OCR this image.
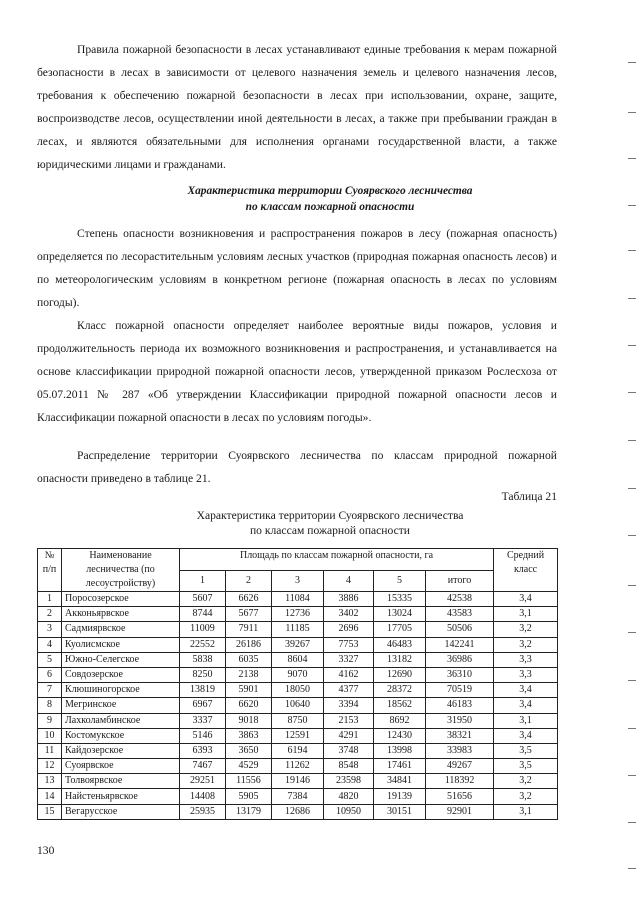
Правила пожарной безопасности в лесах устанавливают единые требования к мерам пожарной безопасности в лесах в зависимости от целевого назначения земель и целевого назначения лесов, требования к обеспечению пожарной безопасности в лесах при использовании, охране, защите, воспроизводстве лесов, осуществлении иной деятельности в лесах, а также при пребывании граждан в лесах, и являются обязательными для исполнения органами государственной власти, а также юридическими лицами и гражданами.

Характеристика территории Суоярвского лесничества
по классам пожарной опасности

Степень опасности возникновения и распространения пожаров в лесу (пожарная опасность) определяется по лесорастительным условиям лесных участков (природная пожарная опасность лесов) и по метеорологическим условиям в конкретном регионе (пожарная опасность в лесах по условиям погоды).

Класс пожарной опасности определяет наиболее вероятные виды пожаров, условия и продолжительность периода их возможного возникновения и распространения, и устанавливается на основе классификации природной пожарной опасности лесов, утвержденной приказом Рослесхоза от 05.07.2011 № 287 «Об утверждении Классификации природной пожарной опасности лесов и Классификации пожарной опасности в лесах по условиям погоды».

Распределение территории Суоярвского лесничества по классам природной пожарной опасности приведено в таблице 21.

Таблица 21
Характеристика территории Суоярвского лесничества
по классам пожарной опасности
№ п/п	Наименование лесничества (по лесоустройству)	Площадь по классам пожарной опасности, га						Средний класс
		1	2	3	4	5	итого	
1	Поросозерское	5607	6626	11084	3886	15335	42538	3,4
2	Акконьярвское	8744	5677	12736	3402	13024	43583	3,1
3	Садмиярвское	11009	7911	11185	2696	17705	50506	3,2
4	Куолисмское	22552	26186	39267	7753	46483	142241	3,2
5	Южно-Селегское	5838	6035	8604	3327	13182	36986	3,3
6	Совдозерское	8250	2138	9070	4162	12690	36310	3,3
7	Клюшиногорское	13819	5901	18050	4377	28372	70519	3,4
8	Мегринское	6967	6620	10640	3394	18562	46183	3,4
9	Лахколамбинское	3337	9018	8750	2153	8692	31950	3,1
10	Костомукское	5146	3863	12591	4291	12430	38321	3,4
11	Кайдозерское	6393	3650	6194	3748	13998	33983	3,5
12	Суоярвское	7467	4529	11262	8548	17461	49267	3,5
13	Толвоярвское	29251	11556	19146	23598	34841	118392	3,2
14	Найстеньярвское	14408	5905	7384	4820	19139	51656	3,2
15	Вегарусское	25935	13179	12686	10950	30151	92901	3,1
130
